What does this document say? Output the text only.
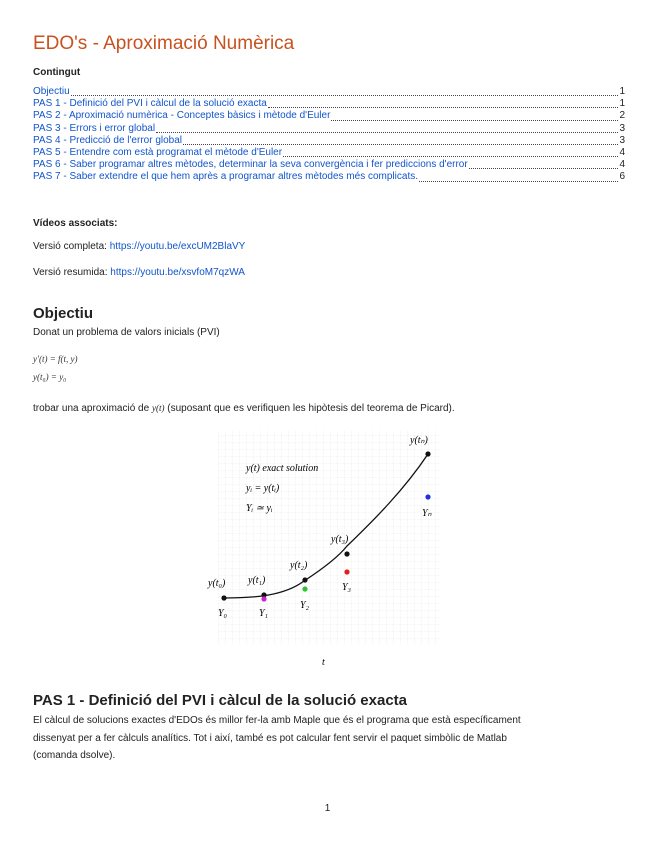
EDO's - Aproximació Numèrica
Contingut
Objectiu	1
PAS 1 - Definició del PVI i càlcul de la solució exacta	1
PAS 2 - Aproximació numèrica - Conceptes bàsics i mètode d'Euler	2
PAS 3 - Errors i error global	3
PAS 4 - Predicció de l'error global	3
PAS 5 - Entendre com està programat el mètode d'Euler	4
PAS 6 - Saber programar altres mètodes, determinar la seva convergència i fer prediccions d'error	4
PAS 7 - Saber extendre el que hem après a programar altres mètodes més complicats.	6
Vídeos associats:
Versió completa: https://youtu.be/excUM2BlaVY
Versió resumida: https://youtu.be/xsvfoM7qzWA
Objectiu
Donat un problema de valors inicials (PVI)
y′(t) = f(t, y)
y(t₀) = y₀
trobar una aproximació de y(t) (suposant que es verifiquen les hipòtesis del teorema de Picard).
y(t) exact solution
yᵢ = y(tᵢ)
Yᵢ ≃ yᵢ
y(t₀) y(t₁)
y(t₂)
y(t₃)
y(tₙ)
Y₀	Y₁
Y₂
Y₃
Yₙ
t
PAS 1 - Definició del PVI i càlcul de la solució exacta
El càlcul de solucions exactes d'EDOs és millor fer-la amb Maple que és el programa que està específicament
dissenyat per a fer càlculs analítics. Tot i així, també es pot calcular fent servir el paquet simbòlic de Matlab
(comanda dsolve).
1
